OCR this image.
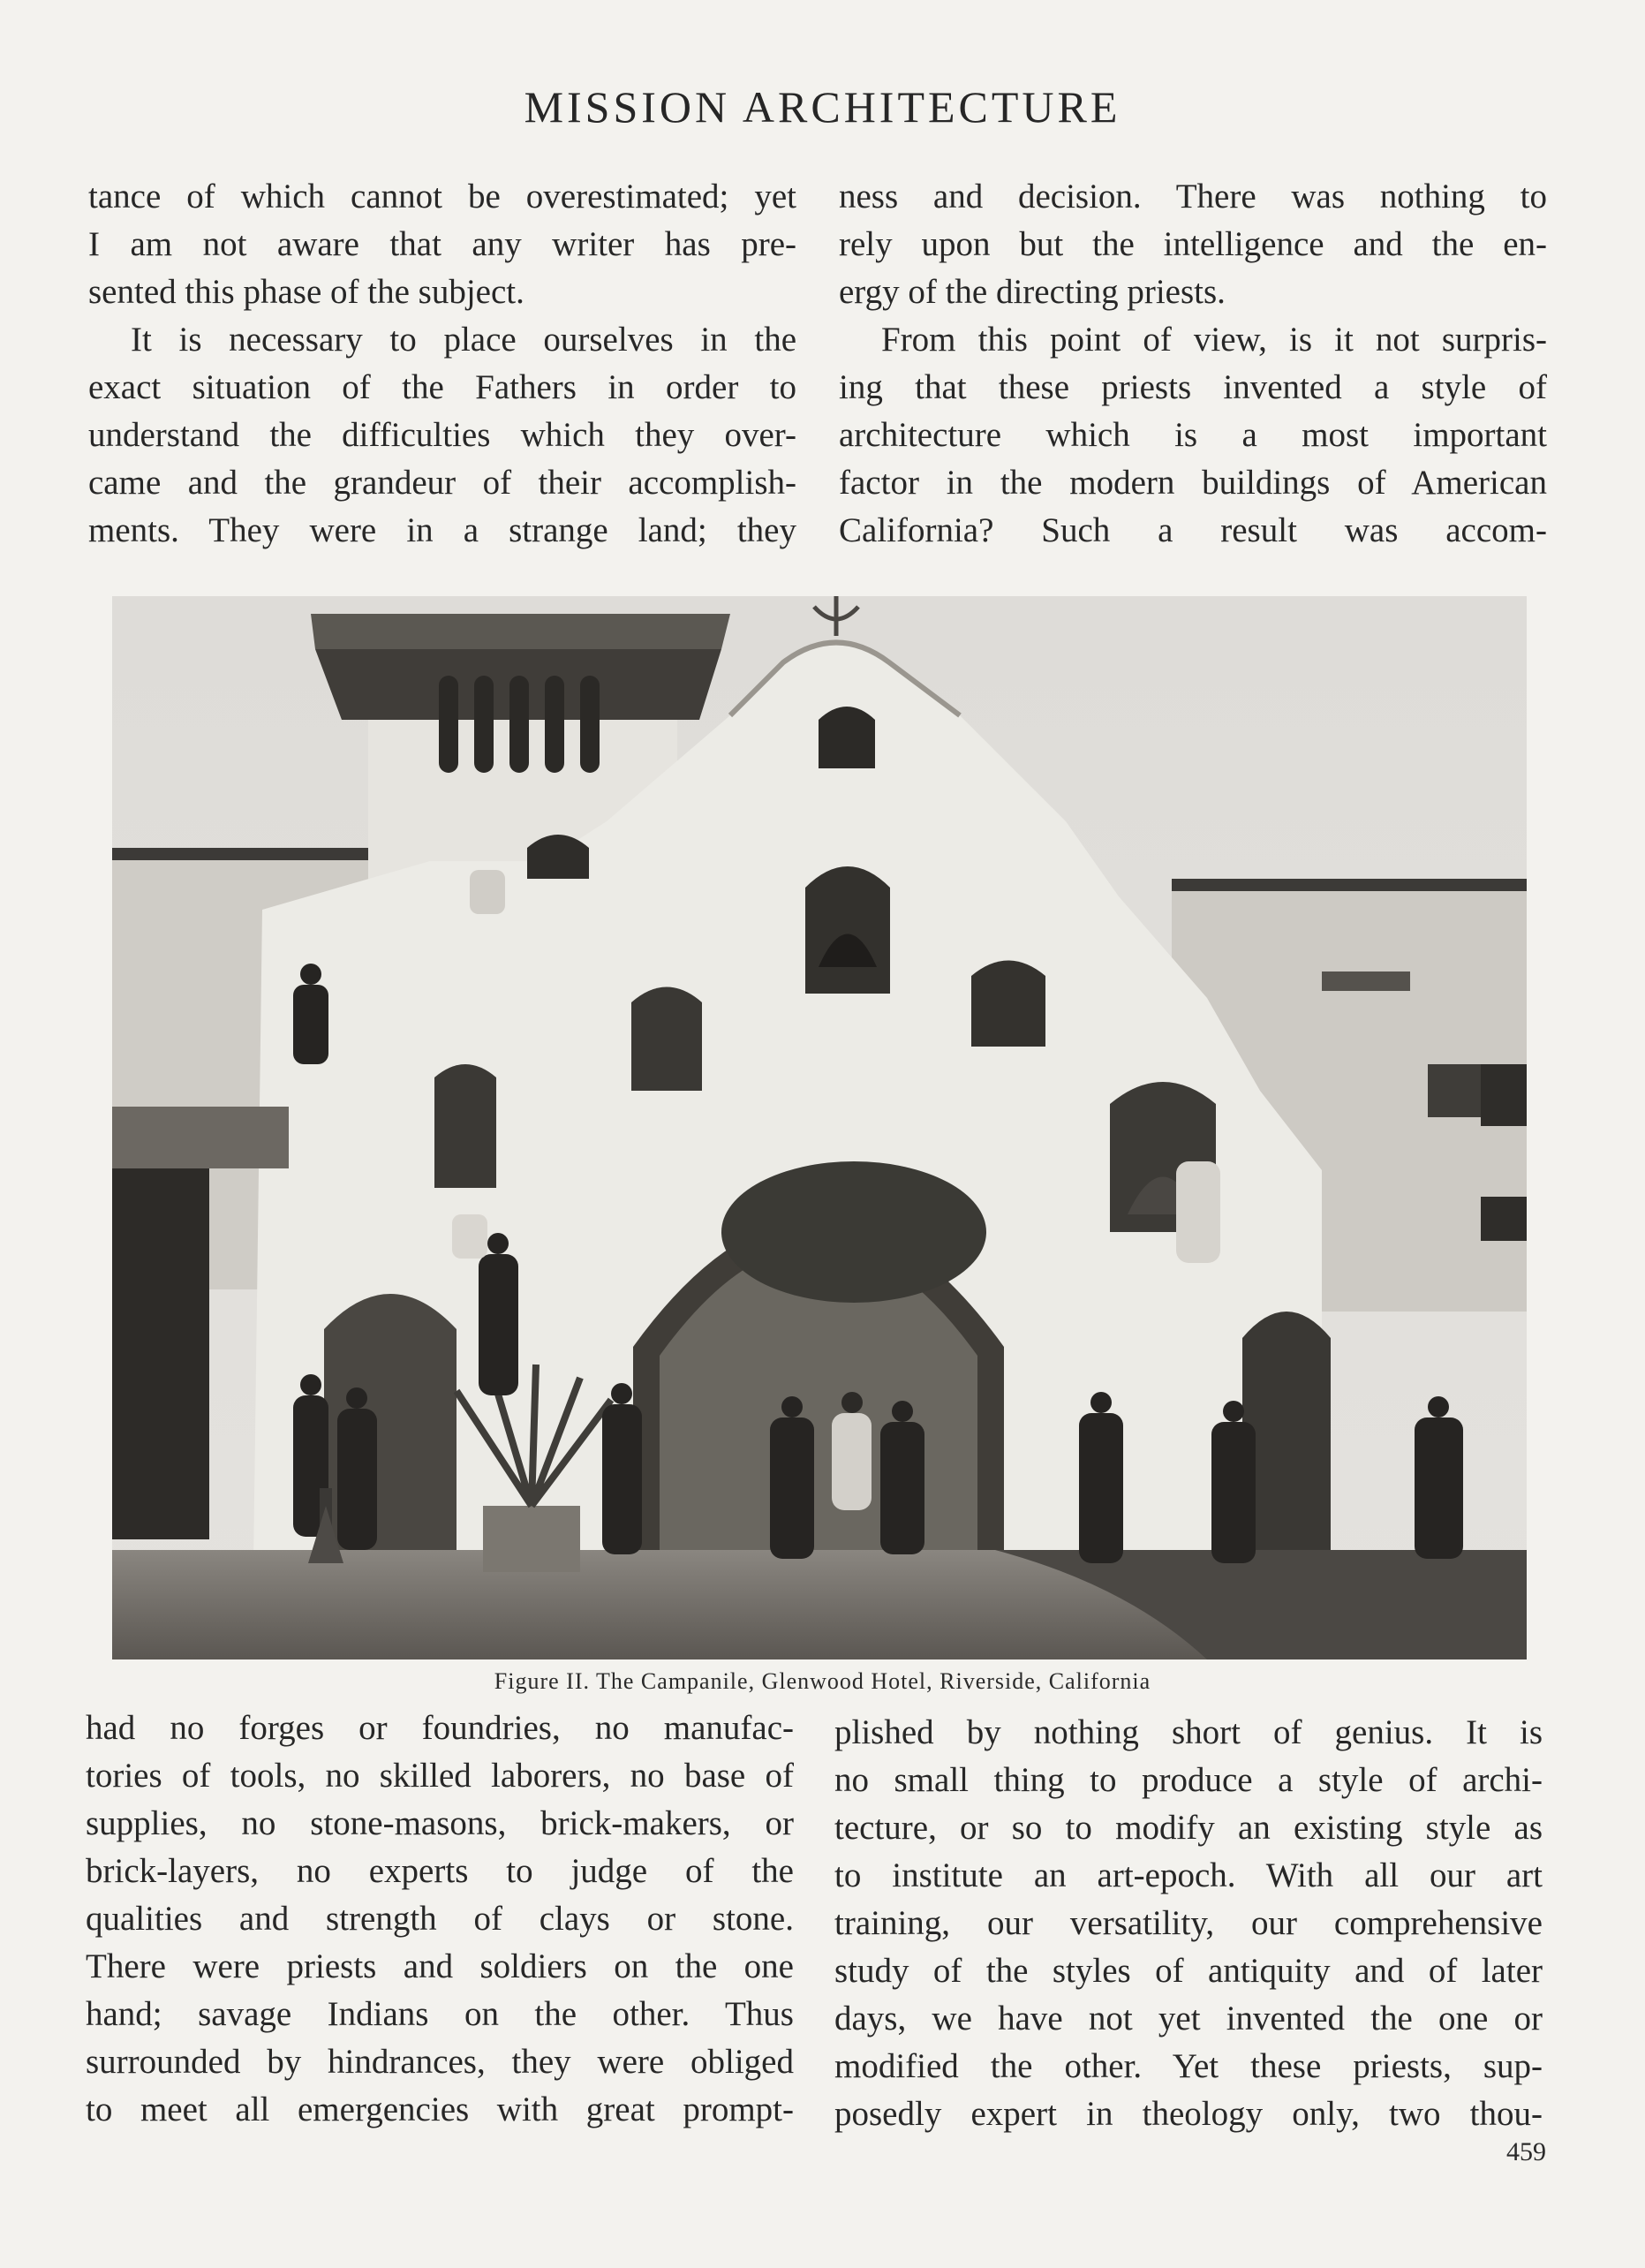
MISSION ARCHITECTURE
tance of which cannot be overestimated; yet
I am not aware that any writer has pre-
sented this phase of the subject.
It is necessary to place ourselves in the
exact situation of the Fathers in order to
understand the difficulties which they over-
came and the grandeur of their accomplish-
ments. They were in a strange land; they
ness and decision. There was nothing to
rely upon but the intelligence and the en-
ergy of the directing priests.
From this point of view, is it not surpris-
ing that these priests invented a style of
architecture which is a most important
factor in the modern buildings of American
California? Such a result was accom-
Figure II. The Campanile, Glenwood Hotel, Riverside, California
had no forges or foundries, no manufac-
tories of tools, no skilled laborers, no base of
supplies, no stone-masons, brick-makers, or
brick-layers, no experts to judge of the
qualities and strength of clays or stone.
There were priests and soldiers on the one
hand; savage Indians on the other. Thus
surrounded by hindrances, they were obliged
to meet all emergencies with great prompt-
plished by nothing short of genius. It is
no small thing to produce a style of archi-
tecture, or so to modify an existing style as
to institute an art-epoch. With all our art
training, our versatility, our comprehensive
study of the styles of antiquity and of later
days, we have not yet invented the one or
modified the other. Yet these priests, sup-
posedly expert in theology only, two thou-
459
